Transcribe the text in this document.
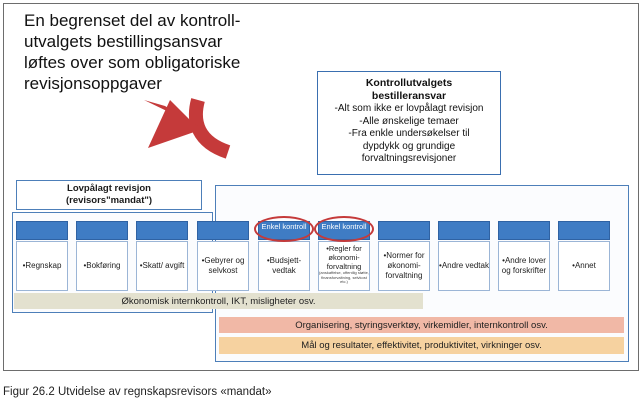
En begrenset del av kontroll-utvalgets bestillingsansvar løftes over som obligatoriske revisjonsoppgaver	Kontrollutvalgets
bestilleransvar
-Alt som ikke er lovpålagt revisjon
-Alle ønskelige temaer
-Fra enkle undersøkelser til
dypdykk og grundige
forvaltningsrevisjoner
Lovpålagt revisjon
(revisors"mandat")
•Regnskap	•Bokføring	•Skatt/ avgift
•Gebyrer og selvkost
Enkel kontroll
•Budsjett-vedtak
Enkel kontroll
•Regler for økonomi-forvaltning
(anskaffelse, offentlig støtte, finansforvaltning, selvkost etc.)
•Normer for økonomi-forvaltning
•Andre vedtak
•Andre lover og forskrifter
•Annet
Økonomisk internkontroll, IKT, misligheter osv.
Organisering, styringsverktøy, virkemidler, internkontroll osv.
Mål og resultater, effektivitet, produktivitet, virkninger osv.
Figur 26.2 Utvidelse av regnskapsrevisors «mandat»
